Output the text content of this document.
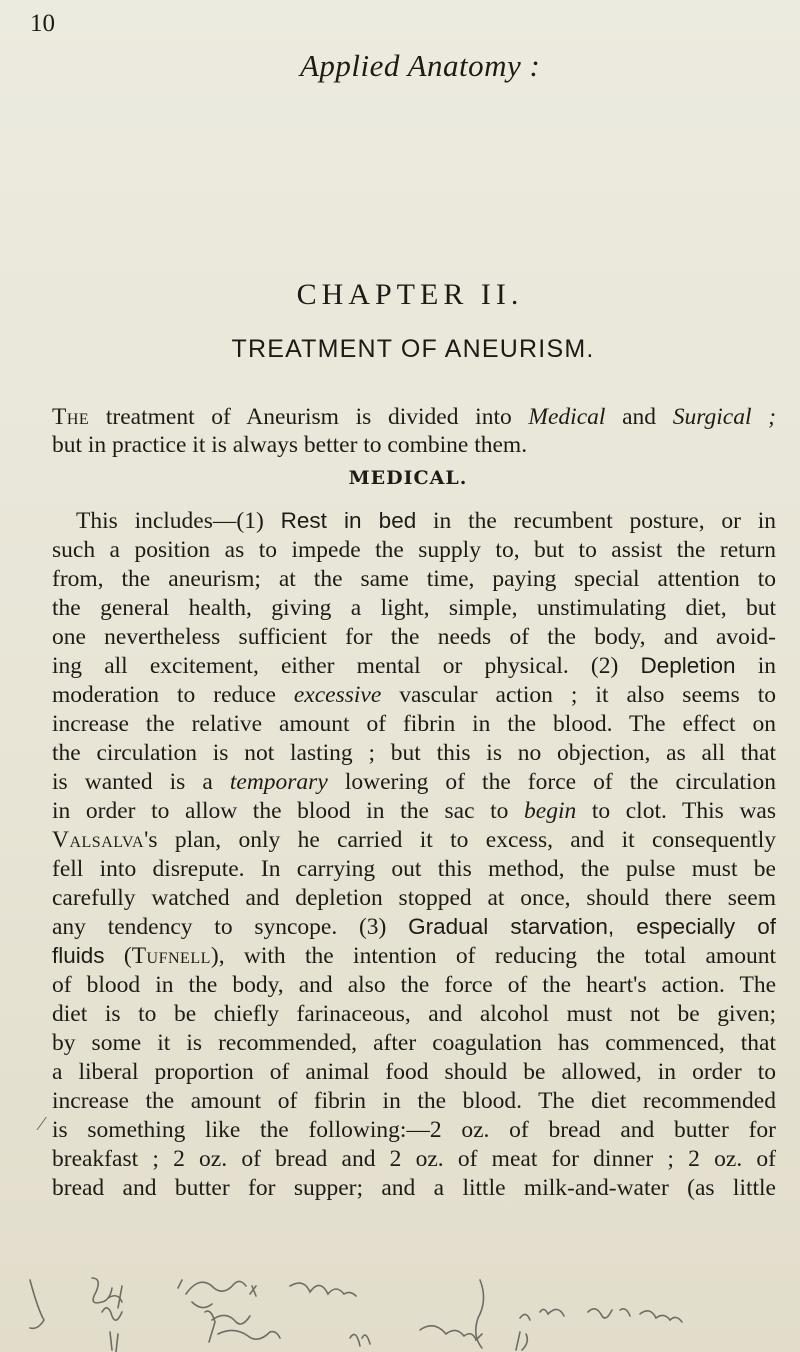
10
Applied Anatomy :
CHAPTER II.
TREATMENT OF ANEURISM.
The treatment of Aneurism is divided into Medical and Surgical ;
but in practice it is always better to combine them.
MEDICAL.
This includes—(1) Rest in bed in the recumbent posture, or in
such a position as to impede the supply to, but to assist the return
from, the aneurism; at the same time, paying special attention to
the general health, giving a light, simple, unstimulating diet, but
one nevertheless sufficient for the needs of the body, and avoid-
ing all excitement, either mental or physical. (2) Depletion in
moderation to reduce excessive vascular action ; it also seems to
increase the relative amount of fibrin in the blood. The effect on
the circulation is not lasting ; but this is no objection, as all that
is wanted is a temporary lowering of the force of the circulation
in order to allow the blood in the sac to begin to clot. This was
Valsalva's plan, only he carried it to excess, and it consequently
fell into disrepute. In carrying out this method, the pulse must be
carefully watched and depletion stopped at once, should there seem
any tendency to syncope. (3) Gradual starvation, especially of
fluids (Tufnell), with the intention of reducing the total amount
of blood in the body, and also the force of the heart's action. The
diet is to be chiefly farinaceous, and alcohol must not be given;
by some it is recommended, after coagulation has commenced, that
a liberal proportion of animal food should be allowed, in order to
increase the amount of fibrin in the blood. The diet recommended
is something like the following:—2 oz. of bread and butter for
breakfast ; 2 oz. of bread and 2 oz. of meat for dinner ; 2 oz. of
bread and butter for supper; and a little milk-and-water (as little
⁄
